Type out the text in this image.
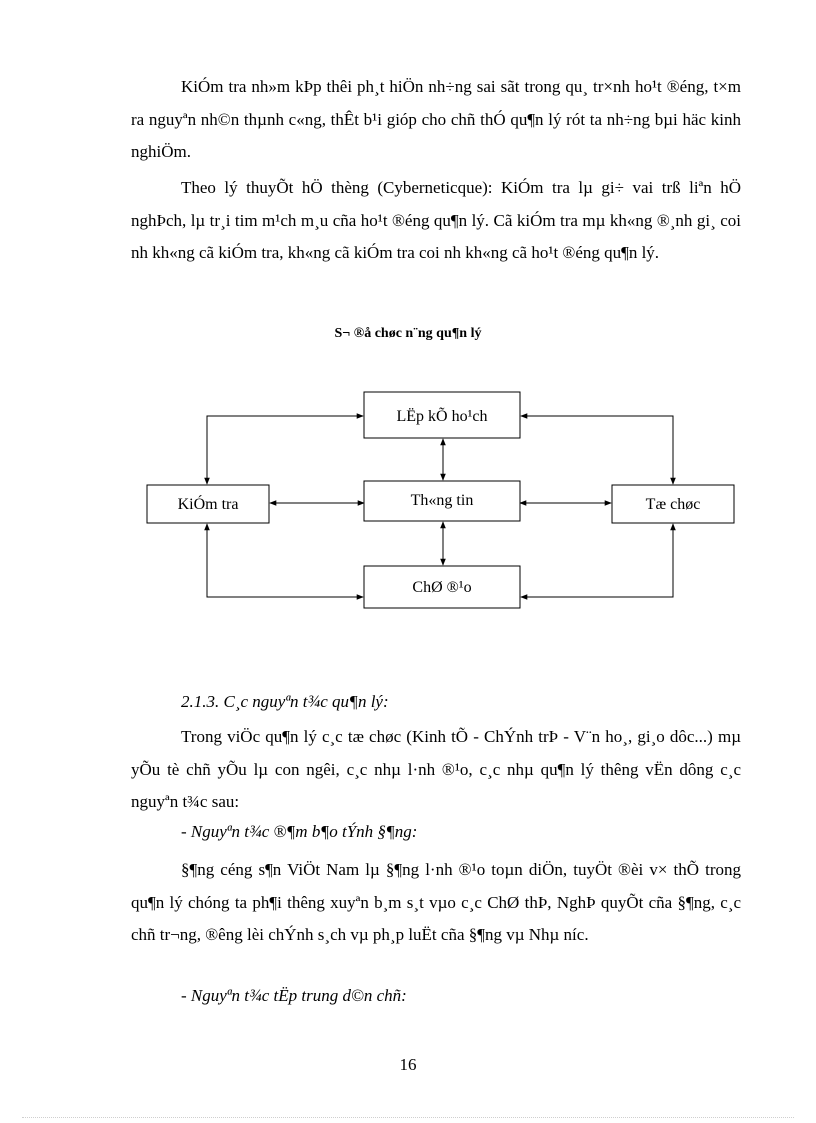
KiÓm tra nh»m kÞp thêi ph¸t hiÖn nh÷ng sai sãt trong qu¸ tr×nh ho¹t ®éng, t×m ra nguyªn nh©n thµnh c«ng, thÊt b¹i gióp cho chñ thÓ qu¶n lý rót ta nh÷ng bµi häc kinh nghiÖm.

Theo lý thuyÕt hÖ thèng (Cyberneticque): KiÓm tra lµ gi÷ vai trß liªn hÖ nghÞch, lµ tr¸i tim m¹ch m¸u cña ho¹t ®éng qu¶n lý. Cã kiÓm tra mµ kh«ng ®¸nh gi¸ coi nh kh«ng cã kiÓm tra, kh«ng cã kiÓm tra coi nh kh«ng cã ho¹t ®éng qu¶n lý.

S¬ ®å chøc n¨ng qu¶n lý

LËp kÕ ho¹ch
KiÓm tra	Th«ng tin	Tæ chøc
ChØ ®¹o

2.1.3. C¸c nguyªn t¾c qu¶n lý:

Trong viÖc qu¶n lý c¸c tæ chøc (Kinh tÕ - ChÝnh trÞ - V¨n ho¸, gi¸o dôc...) mµ yÕu tè chñ yÕu lµ con ngêi, c¸c nhµ l·nh ®¹o, c¸c nhµ qu¶n lý thêng vËn dông c¸c nguyªn t¾c sau:

- Nguyªn t¾c ®¶m b¶o tÝnh §¶ng:

§¶ng céng s¶n ViÖt Nam lµ §¶ng l·nh ®¹o toµn diÖn, tuyÖt ®èi v× thÕ trong qu¶n lý chóng ta ph¶i thêng xuyªn b¸m s¸t vµo c¸c ChØ thÞ, NghÞ quyÕt cña §¶ng, c¸c chñ tr¬ng, ®êng lèi chÝnh s¸ch vµ ph¸p luËt cña §¶ng vµ Nhµ níc.

- Nguyªn t¾c tËp trung d©n chñ:

16
